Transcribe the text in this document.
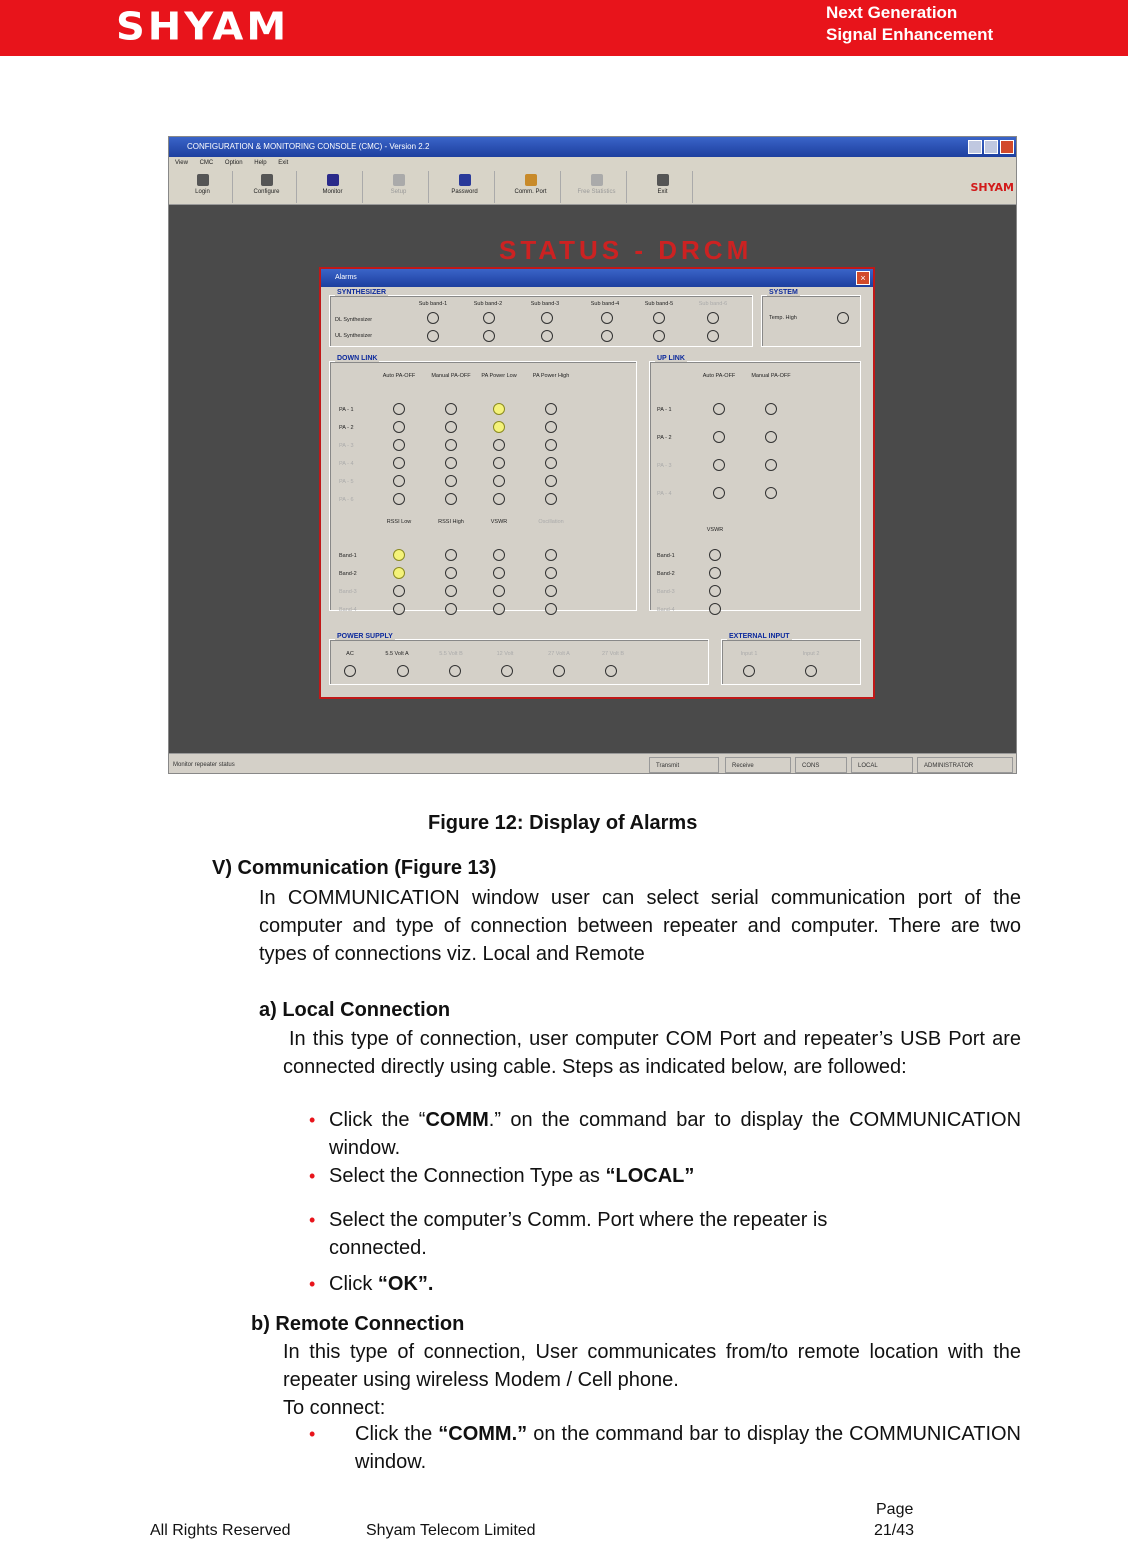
SHYAM	Next Generation
Signal Enhancement
CONFIGURATION & MONITORING CONSOLE (CMC) - Version 2.2
View CMC Option Help Exit
Login	Configure	Monitor	Setup	Password	Comm. Port	Free Statistics	Exit	SHYAM
STATUS - DRCM
Alarms	×
SYNTHESIZER
Sub band-1	Sub band-2	Sub band-3	Sub band-4	Sub band-5	Sub band-6
DL Synthesizer
UL Synthesizer
SYSTEM
Temp. High
DOWN LINK
Auto PA-OFF	Manual PA-OFF	PA Power Low	PA Power High
PA - 1
PA - 2
PA - 3
PA - 4
PA - 5
PA - 6
RSSI Low	RSSI High	VSWR	Oscillation
Band-1
Band-2
Band-3
Band-4
UP LINK
Auto PA-OFF	Manual PA-OFF
PA - 1
PA - 2
PA - 3
PA - 4
VSWR
Band-1
Band-2
Band-3
Band-4
POWER SUPPLY
AC	5.5 Volt A	5.5 Volt B	12 Volt	27 Volt A	27 Volt B
EXTERNAL INPUT
Input 1	Input 2
Monitor repeater status	Transmit	Receive	CONS	LOCAL	ADMINISTRATOR
Figure 12: Display of Alarms
V) Communication (Figure 13)
In COMMUNICATION window user can select serial communication port of the computer and type of connection between repeater and computer. There are two types of connections viz. Local and Remote
a) Local Connection
In this type of connection, user computer COM Port and repeater’s USB Port are connected directly using cable. Steps as indicated below, are followed:
• Click the “COMM.” on the command bar to display the COMMUNICATION window.
• Select the Connection Type as “LOCAL”
• Select the computer’s Comm. Port where the repeater is connected.
• Click “OK”.
b) Remote Connection
In this type of connection, User communicates from/to remote location with the repeater using wireless Modem / Cell phone.
To connect:
• Click the “COMM.” on the command bar to display the COMMUNICATION window.
Page
All Rights Reserved	Shyam Telecom Limited	21/43
